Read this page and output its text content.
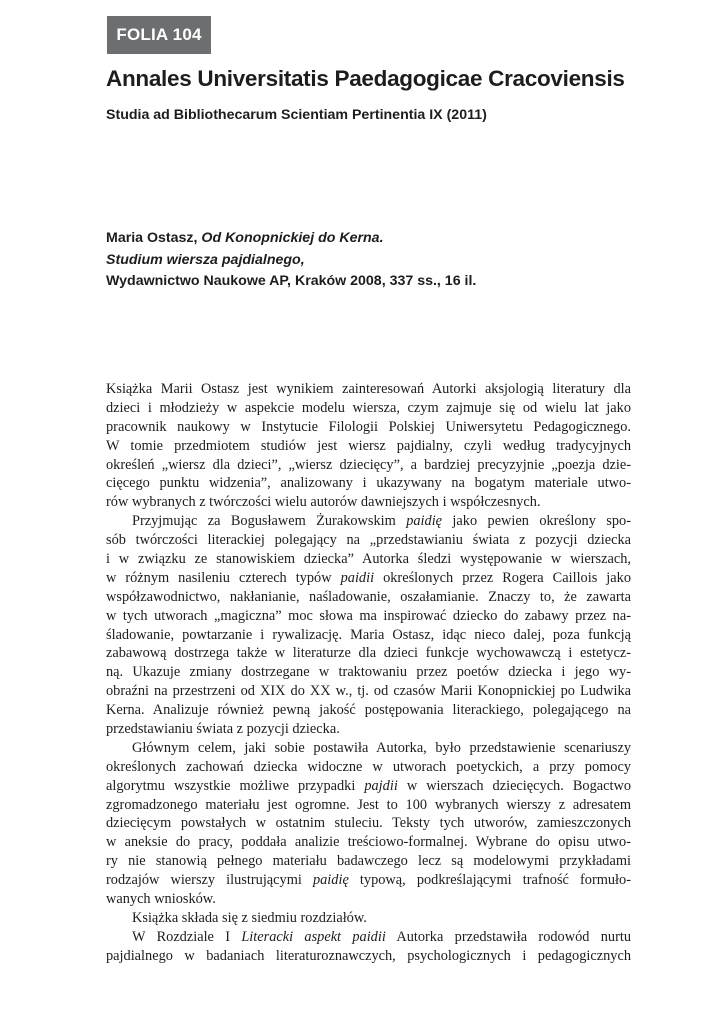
FOLIA 104
Annales Universitatis Paedagogicae Cracoviensis
Studia ad Bibliothecarum Scientiam Pertinentia IX (2011)
Maria Ostasz, Od Konopnickiej do Kerna.
Studium wiersza pajdialnego,
Wydawnictwo Naukowe AP, Kraków 2008, 337 ss., 16 il.
Książka Marii Ostasz jest wynikiem zainteresowań Autorki aksjologią literatury dla
dzieci i młodzieży w aspekcie modelu wiersza, czym zajmuje się od wielu lat jako
pracownik naukowy w Instytucie Filologii Polskiej Uniwersytetu Pedagogicznego.
W tomie przedmiotem studiów jest wiersz pajdialny, czyli według tradycyjnych
określeń „wiersz dla dzieci”, „wiersz dziecięcy”, a bardziej precyzyjnie „poezja dzie-
cięcego punktu widzenia”, analizowany i ukazywany na bogatym materiale utwo-
rów wybranych z twórczości wielu autorów dawniejszych i współczesnych.
Przyjmując za Bogusławem Żurakowskim paidię jako pewien określony spo-
sób twórczości literackiej polegający na „przedstawianiu świata z pozycji dziecka
i w związku ze stanowiskiem dziecka” Autorka śledzi występowanie w wierszach,
w różnym nasileniu czterech typów paidii określonych przez Rogera Caillois jako
współzawodnictwo, nakłanianie, naśladowanie, oszałamianie. Znaczy to, że zawarta
w tych utworach „magiczna” moc słowa ma inspirować dziecko do zabawy przez na-
śladowanie, powtarzanie i rywalizację. Maria Ostasz, idąc nieco dalej, poza funkcją
zabawową dostrzega także w literaturze dla dzieci funkcje wychowawczą i estetycz-
ną. Ukazuje zmiany dostrzegane w traktowaniu przez poetów dziecka i jego wy-
obraźni na przestrzeni od XIX do XX w., tj. od czasów Marii Konopnickiej po Ludwika
Kerna. Analizuje również pewną jakość postępowania literackiego, polegającego na
przedstawianiu świata z pozycji dziecka.
Głównym celem, jaki sobie postawiła Autorka, było przedstawienie scenariuszy
określonych zachowań dziecka widoczne w utworach poetyckich, a przy pomocy
algorytmu wszystkie możliwe przypadki pajdii w wierszach dziecięcych. Bogactwo
zgromadzonego materiału jest ogromne. Jest to 100 wybranych wierszy z adresatem
dziecięcym powstałych w ostatnim stuleciu. Teksty tych utworów, zamieszczonych
w aneksie do pracy, poddała analizie treściowo-formalnej. Wybrane do opisu utwo-
ry nie stanowią pełnego materiału badawczego lecz są modelowymi przykładami
rodzajów wierszy ilustrującymi paidię typową, podkreślającymi trafność formuło-
wanych wniosków.
Książka składa się z siedmiu rozdziałów.
W Rozdziale I Literacki aspekt paidii Autorka przedstawiła rodowód nurtu
pajdialnego w badaniach literaturoznawczych, psychologicznych i pedagogicznych
